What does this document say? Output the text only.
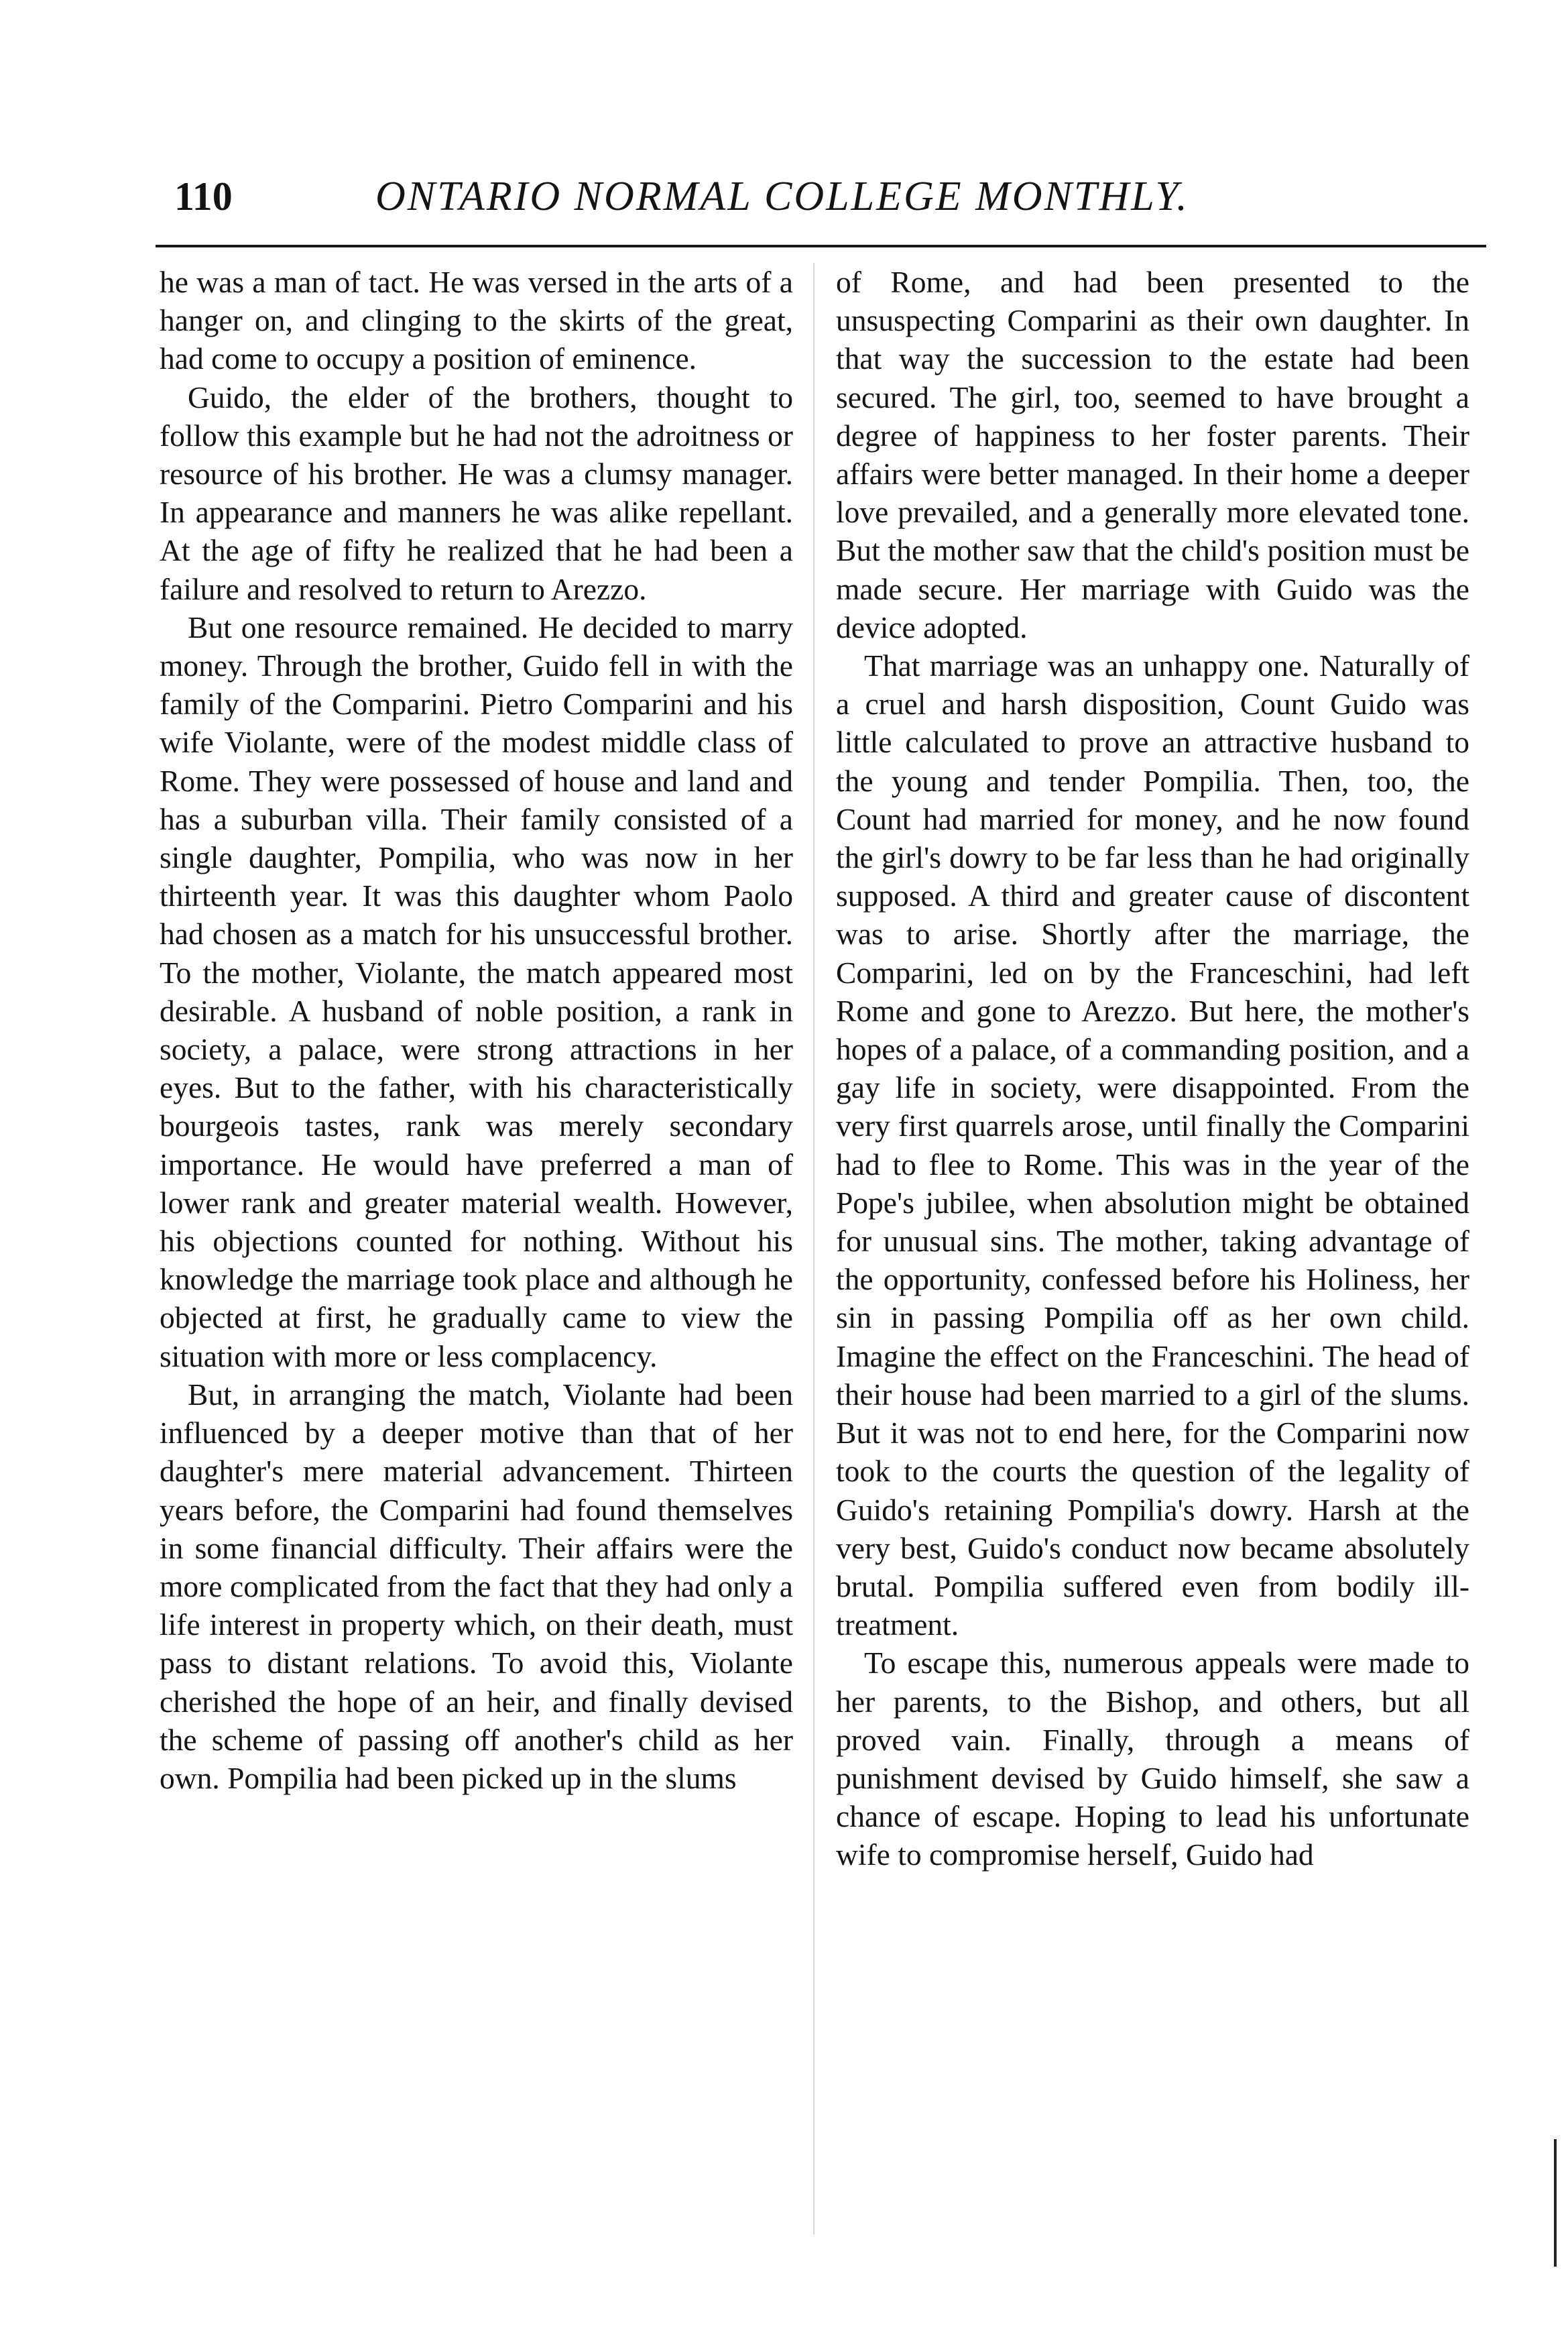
110	ONTARIO NORMAL COLLEGE MONTHLY.

he was a man of tact. He was versed in the arts of a hanger on, and clinging to the skirts of the great, had come to occupy a position of eminence.

Guido, the elder of the brothers, thought to follow this example but he had not the adroitness or resource of his brother. He was a clumsy manager. In appearance and manners he was alike repellant. At the age of fifty he realized that he had been a failure and resolved to return to Arezzo.

But one resource remained. He decided to marry money. Through the brother, Guido fell in with the family of the Comparini. Pietro Comparini and his wife Violante, were of the modest middle class of Rome. They were possessed of house and land and has a suburban villa. Their family consisted of a single daughter, Pompilia, who was now in her thirteenth year. It was this daughter whom Paolo had chosen as a match for his unsuccessful brother. To the mother, Violante, the match appeared most desirable. A husband of noble position, a rank in society, a palace, were strong attractions in her eyes. But to the father, with his characteristically bourgeois tastes, rank was merely secondary importance. He would have preferred a man of lower rank and greater material wealth. However, his objections counted for nothing. Without his knowledge the marriage took place and although he objected at first, he gradually came to view the situation with more or less complacency.

But, in arranging the match, Violante had been influenced by a deeper motive than that of her daughter's mere material advancement. Thirteen years before, the Comparini had found themselves in some financial difficulty. Their affairs were the more complicated from the fact that they had only a life interest in property which, on their death, must pass to distant relations. To avoid this, Violante cherished the hope of an heir, and finally devised the scheme of passing off another's child as her own. Pompilia had been picked up in the slums

of Rome, and had been presented to the unsuspecting Comparini as their own daughter. In that way the succession to the estate had been secured. The girl, too, seemed to have brought a degree of happiness to her foster parents. Their affairs were better managed. In their home a deeper love prevailed, and a generally more elevated tone. But the mother saw that the child's position must be made secure. Her marriage with Guido was the device adopted.

That marriage was an unhappy one. Naturally of a cruel and harsh disposition, Count Guido was little calculated to prove an attractive husband to the young and tender Pompilia. Then, too, the Count had married for money, and he now found the girl's dowry to be far less than he had originally supposed. A third and greater cause of discontent was to arise. Shortly after the marriage, the Comparini, led on by the Franceschini, had left Rome and gone to Arezzo. But here, the mother's hopes of a palace, of a commanding position, and a gay life in society, were disappointed. From the very first quarrels arose, until finally the Comparini had to flee to Rome. This was in the year of the Pope's jubilee, when absolution might be obtained for unusual sins. The mother, taking advantage of the opportunity, confessed before his Holiness, her sin in passing Pompilia off as her own child. Imagine the effect on the Franceschini. The head of their house had been married to a girl of the slums. But it was not to end here, for the Comparini now took to the courts the question of the legality of Guido's retaining Pompilia's dowry. Harsh at the very best, Guido's conduct now became absolutely brutal. Pompilia suffered even from bodily ill-treatment.

To escape this, numerous appeals were made to her parents, to the Bishop, and others, but all proved vain. Finally, through a means of punishment devised by Guido himself, she saw a chance of escape. Hoping to lead his unfortunate wife to compromise herself, Guido had
